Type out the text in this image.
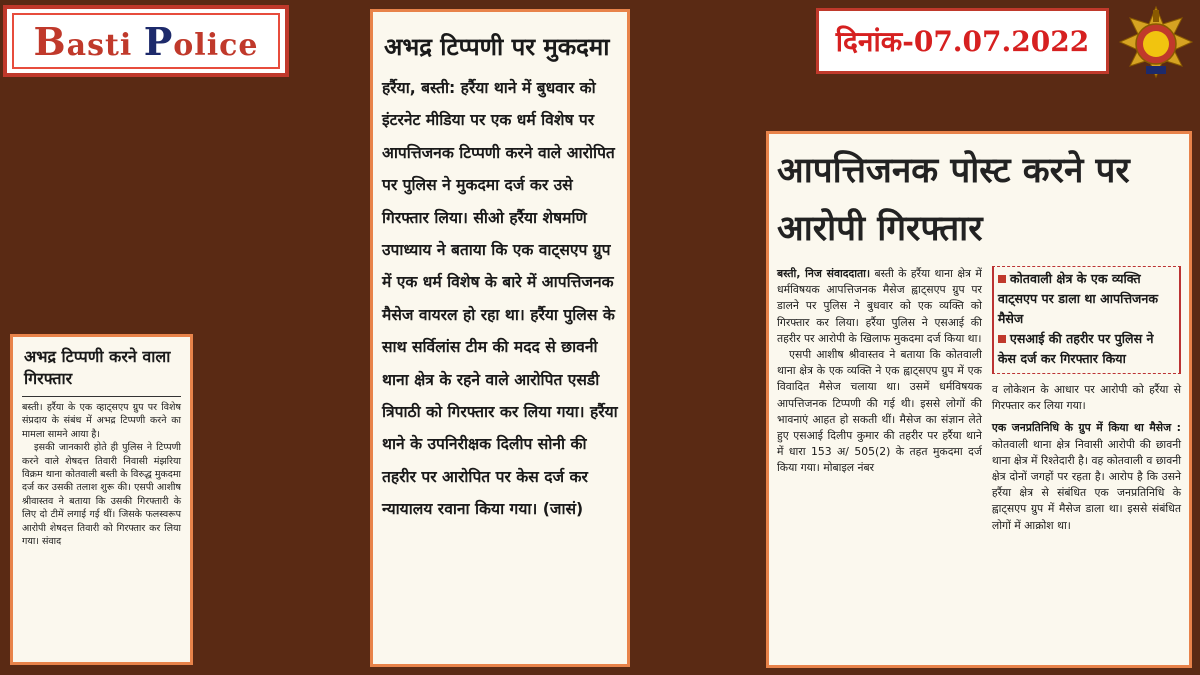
Basti Police	दिनांक-07.07.2022
अभद्र टिप्पणी करने वाला गिरफ्तार

बस्ती। हर्रैया के एक व्हाट्सएप ग्रुप पर विशेष संप्रदाय के संबंध में अभद्र टिप्पणी करने का मामला सामने आया है।

इसकी जानकारी होते ही पुलिस ने टिप्पणी करने वाले शेषदत्त तिवारी निवासी मंझरिया विक्रम थाना कोतवाली बस्ती के विरुद्ध मुकदमा दर्ज कर उसकी तलाश शुरू की। एसपी आशीष श्रीवास्तव ने बताया कि उसकी गिरफ्तारी के लिए दो टीमें लगाई गई थीं। जिसके फलस्वरूप आरोपी शेषदत्त तिवारी को गिरफ्तार कर लिया गया। संवाद

अभद्र टिप्पणी पर मुकदमा

हर्रैया, बस्ती: हर्रैया थाने में बुधवार को इंटरनेट मीडिया पर एक धर्म विशेष पर आपत्तिजनक टिप्पणी करने वाले आरोपित पर पुलिस ने मुकदमा दर्ज कर उसे गिरफ्तार लिया। सीओ हर्रैया शेषमणि उपाध्याय ने बताया कि एक वाट्सएप ग्रुप में एक धर्म विशेष के बारे में आपत्तिजनक मैसेज वायरल हो रहा था। हर्रैया पुलिस के साथ सर्विलांस टीम की मदद से छावनी थाना क्षेत्र के रहने वाले आरोपित एसडी त्रिपाठी को गिरफ्तार कर लिया गया। हर्रैया थाने के उपनिरीक्षक दिलीप सोनी की तहरीर पर आरोपित पर केस दर्ज कर न्यायालय रवाना किया गया। (जासं)

आपत्तिजनक पोस्ट करने पर आरोपी गिरफ्तार

बस्ती, निज संवाददाता। बस्ती के हर्रैया थाना क्षेत्र में धर्मविषयक आपत्तिजनक मैसेज ह्वाट्सएप ग्रुप पर डालने पर पुलिस ने बुधवार को एक व्यक्ति को गिरफ्तार कर लिया। हर्रैया पुलिस ने एसआई की तहरीर पर आरोपी के खिलाफ मुकदमा दर्ज किया था।

एसपी आशीष श्रीवास्तव ने बताया कि कोतवाली थाना क्षेत्र के एक व्यक्ति ने एक ह्वाट्सएप ग्रुप में एक विवादित मैसेज चलाया था। उसमें धर्मविषयक आपत्तिजनक टिप्पणी की गई थी। इससे लोगों की भावनाएं आहत हो सकती थीं। मैसेज का संज्ञान लेते हुए एसआई दिलीप कुमार की तहरीर पर हर्रैया थाने में धारा 153 अ/ 505(2) के तहत मुकदमा दर्ज किया गया। मोबाइल नंबर

कोतवाली क्षेत्र के एक व्यक्ति वाट्सएप पर डाला था आपत्तिजनक मैसेज

एसआई की तहरीर पर पुलिस ने केस दर्ज कर गिरफ्तार किया

व लोकेशन के आधार पर आरोपी को हर्रैया से गिरफ्तार कर लिया गया।

एक जनप्रतिनिधि के ग्रुप में किया था मैसेज : कोतवाली थाना क्षेत्र निवासी आरोपी की छावनी थाना क्षेत्र में रिश्तेदारी है। वह कोतवाली व छावनी क्षेत्र दोनों जगहों पर रहता है। आरोप है कि उसने हर्रैया क्षेत्र से संबंधित एक जनप्रतिनिधि के ह्वाट्सएप ग्रुप में मैसेज डाला था। इससे संबंधित लोगों में आक्रोश था।
